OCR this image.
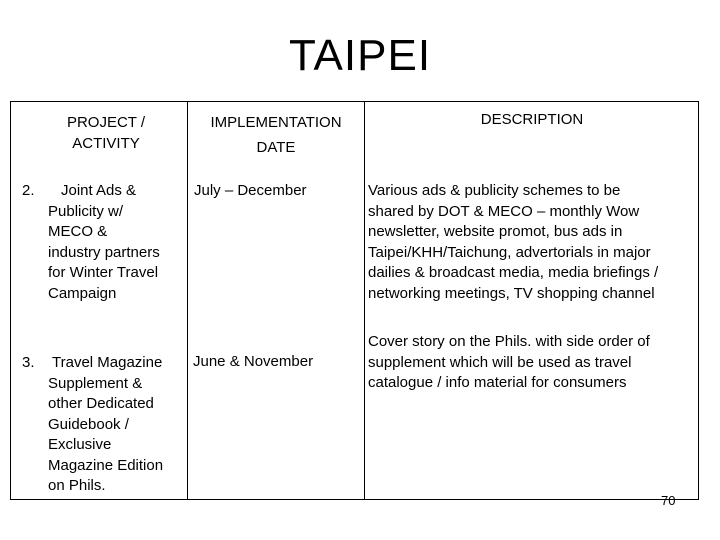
TAIPEI
PROJECT /
ACTIVITY
IMPLEMENTATION
DATE
DESCRIPTION
2.	Joint Ads &
Publicity w/
MECO &
industry partners
for Winter Travel
Campaign
July – December	Various ads & publicity schemes to be
shared by DOT & MECO – monthly Wow
newsletter, website promot, bus ads in
Taipei/KHH/Taichung, advertorials in major
dailies & broadcast media, media briefings /
networking meetings, TV shopping channel
3. Travel Magazine
Supplement &
other Dedicated
Guidebook /
Exclusive
Magazine Edition
on Phils.
June & November
Cover story on the Phils. with side order of
supplement which will be used as travel
catalogue / info material for consumers
70
